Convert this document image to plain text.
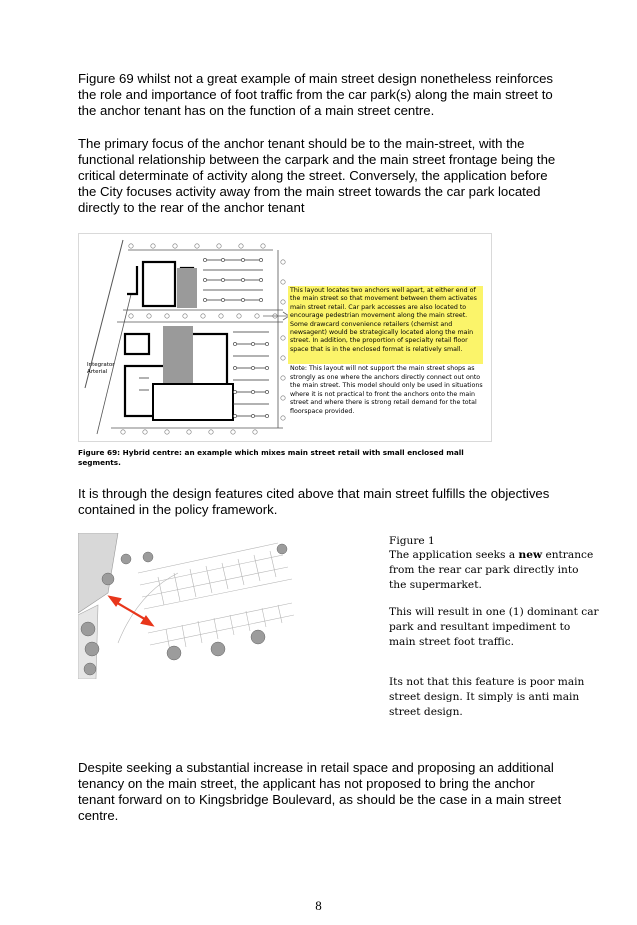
Figure 69 whilst not a great example of main street design nonetheless reinforces the role and importance of foot traffic from the car park(s) along the main street to the anchor tenant has on the function of a main street centre.

The primary focus of the anchor tenant should be to the main-street, with the functional relationship between the carpark and the main street frontage being the critical determinate of activity along the street. Conversely, the application before the City focuses activity away from the main street towards the car park located directly to the rear of the anchor tenant

Integrator
Arterial

This layout locates two anchors well apart, at either end of the main street so that movement between them activates main street retail. Car park accesses are also located to encourage pedestrian movement along the main street. Some drawcard convenience retailers (chemist and newsagent) would be strategically located along the main street. In addition, the proportion of specialty retail floor space that is in the enclosed format is relatively small.

Note: This layout will not support the main street shops as strongly as one where the anchors directly connect out onto the main street. This model should only be used in situations where it is not practical to front the anchors onto the main street and where there is strong retail demand for the total floorspace provided.

Figure 69: Hybrid centre: an example which mixes main street retail with small enclosed mall segments.

It is through the design features cited above that main street fulfills the objectives contained in the policy framework.

Figure 1

The application seeks a new entrance from the rear car park directly into the supermarket.

This will result in one (1) dominant car park and resultant impediment to main street foot traffic.

Its not that this feature is poor main street design. It simply is anti main street design.

Despite seeking a substantial increase in retail space and proposing an additional tenancy on the main street, the applicant has not proposed to bring the anchor tenant forward on to Kingsbridge Boulevard, as should be the case in a main street centre.

8
